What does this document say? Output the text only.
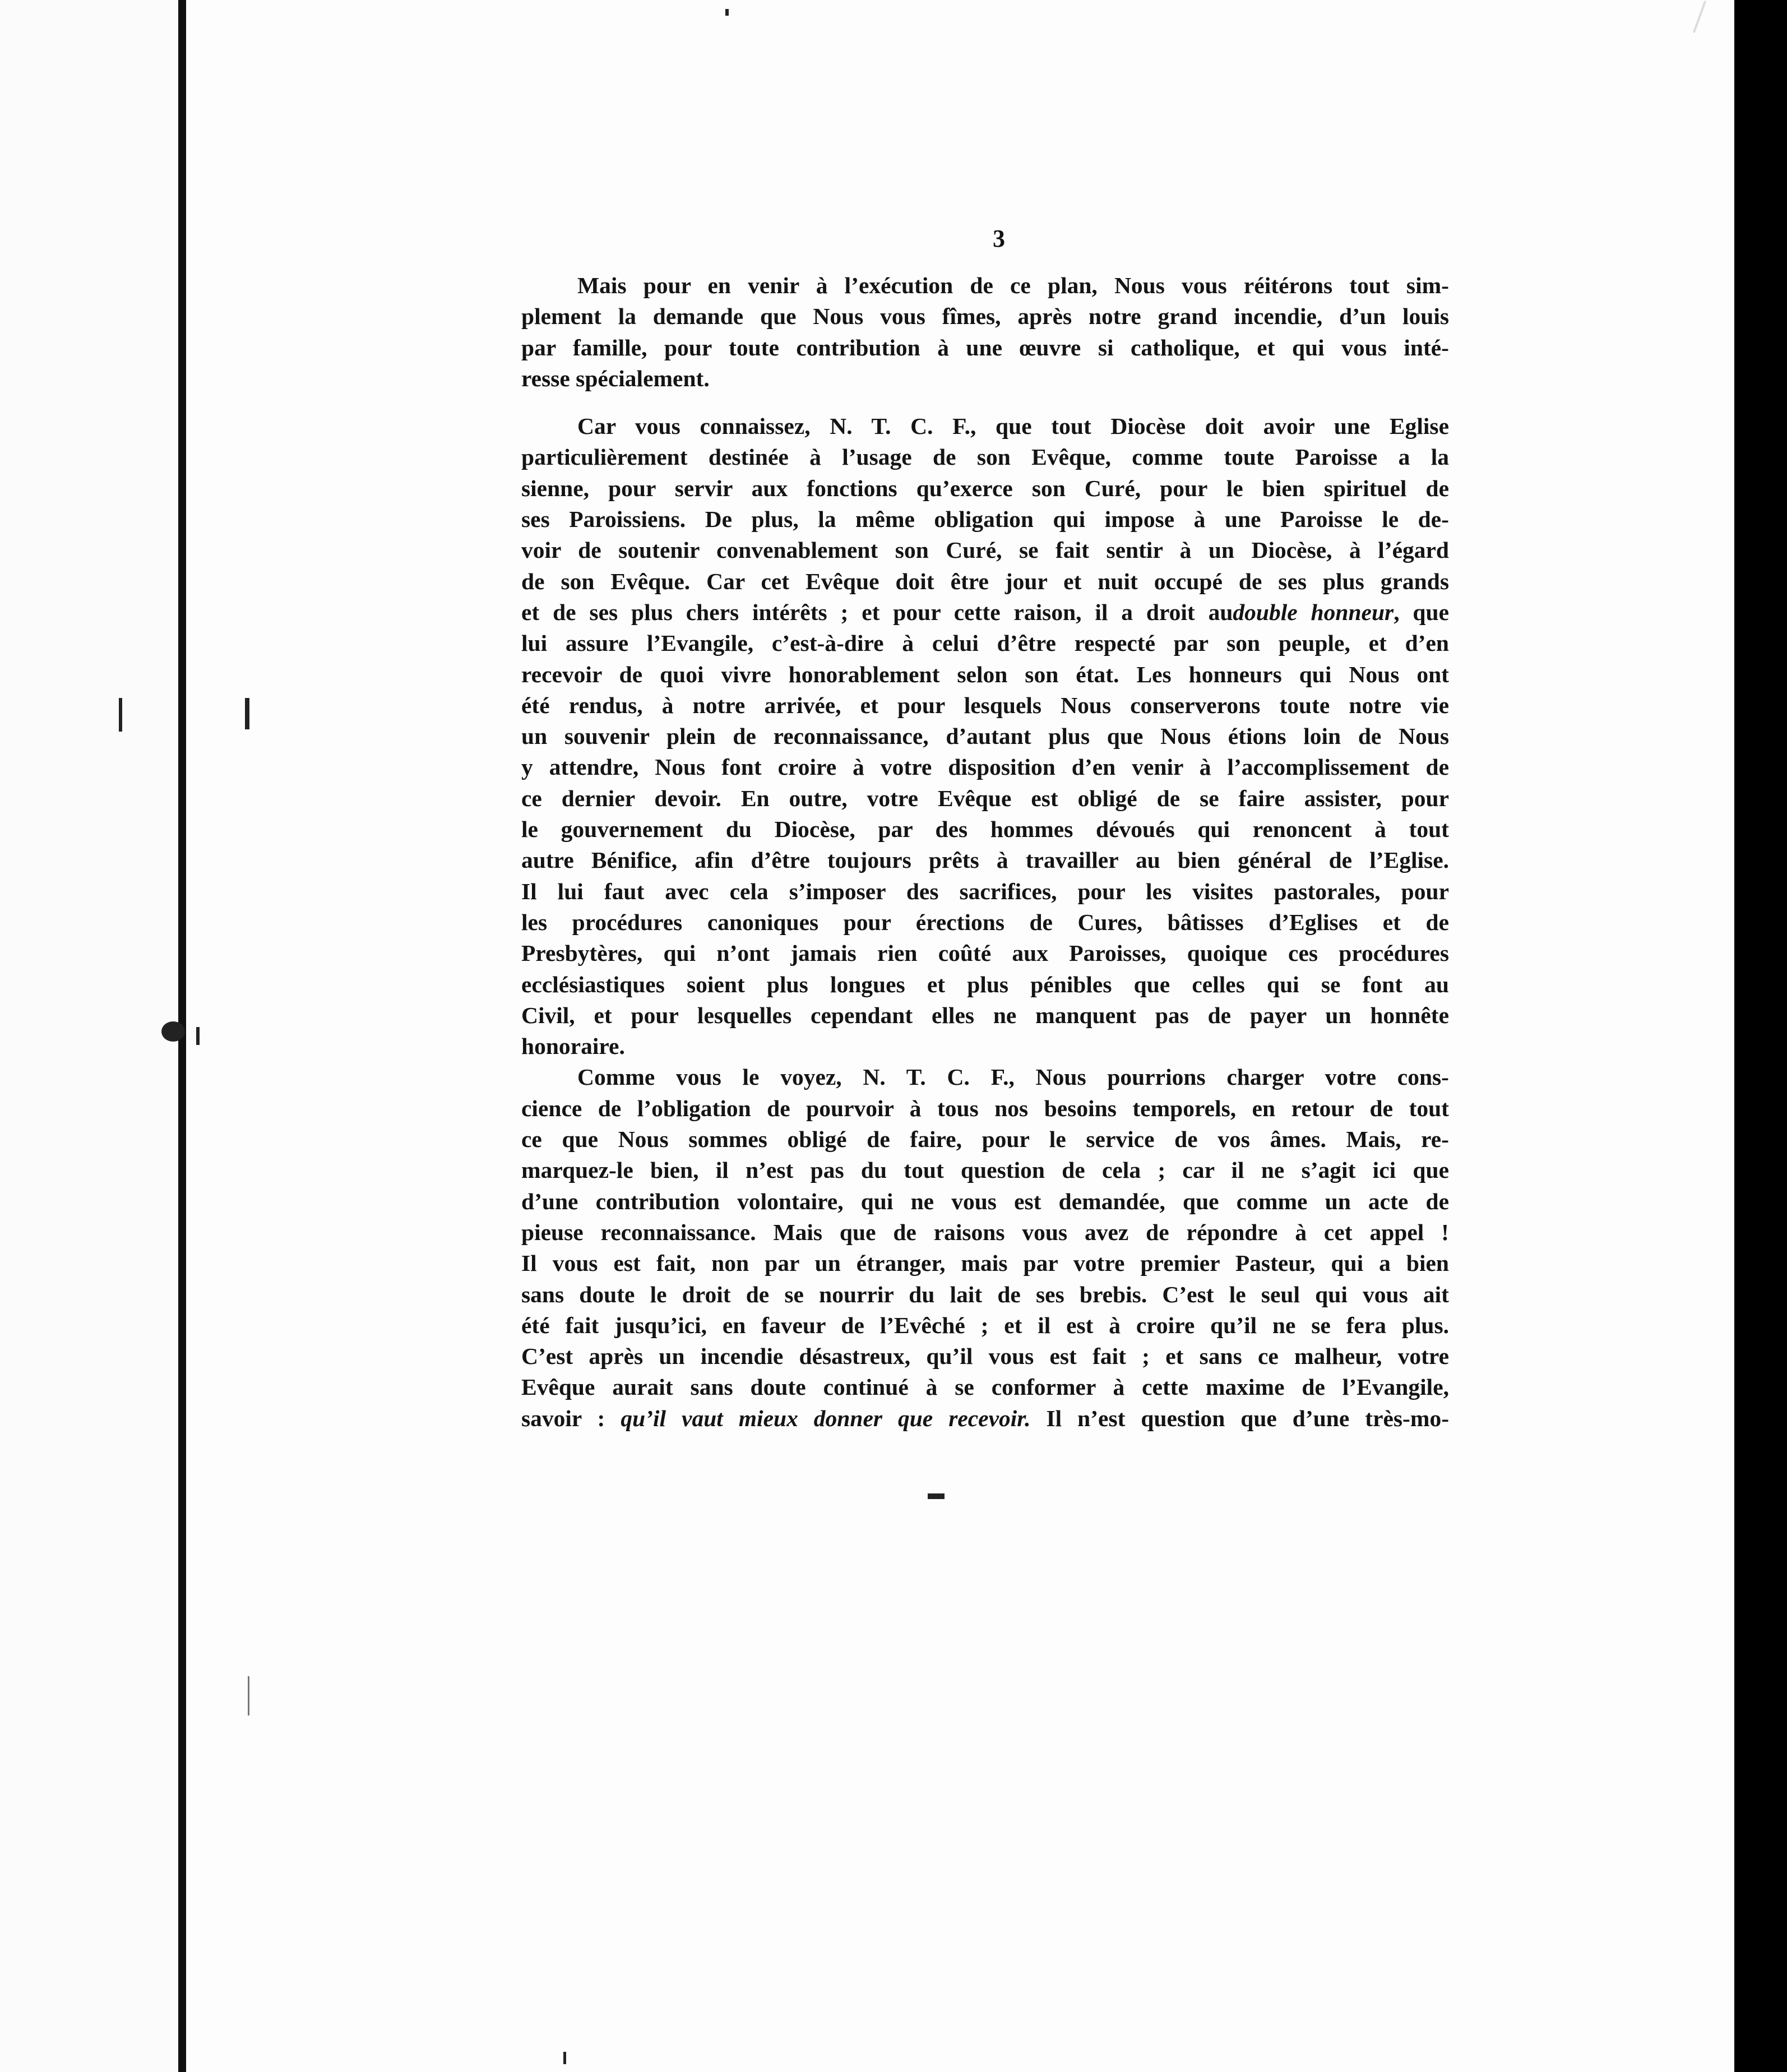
3
Mais pour en venir à l’exécution de ce plan, Nous vous réitérons tout sim-
plement la demande que Nous vous fîmes, après notre grand incendie, d’un louis
par famille, pour toute contribution à une œuvre si catholique, et qui vous inté-
resse spécialement.
Car vous connaissez, N. T. C. F., que tout Diocèse doit avoir une Eglise
particulièrement destinée à l’usage de son Evêque, comme toute Paroisse a la
sienne, pour servir aux fonctions qu’exerce son Curé, pour le bien spirituel de
ses Paroissiens. De plus, la même obligation qui impose à une Paroisse le de-
voir de soutenir convenablement son Curé, se fait sentir à un Diocèse, à l’égard
de son Evêque. Car cet Evêque doit être jour et nuit occupé de ses plus grands
et de ses plus chers intérêts ; et pour cette raison, il a droit audouble honneur, que
lui assure l’Evangile, c’est-à-dire à celui d’être respecté par son peuple, et d’en
recevoir de quoi vivre honorablement selon son état. Les honneurs qui Nous ont
été rendus, à notre arrivée, et pour lesquels Nous conserverons toute notre vie
un souvenir plein de reconnaissance, d’autant plus que Nous étions loin de Nous
y attendre, Nous font croire à votre disposition d’en venir à l’accomplissement de
ce dernier devoir. En outre, votre Evêque est obligé de se faire assister, pour
le gouvernement du Diocèse, par des hommes dévoués qui renoncent à tout
autre Bénifice, afin d’être toujours prêts à travailler au bien général de l’Eglise.
Il lui faut avec cela s’imposer des sacrifices, pour les visites pastorales, pour
les procédures canoniques pour érections de Cures, bâtisses d’Eglises et de
Presbytères, qui n’ont jamais rien coûté aux Paroisses, quoique ces procédures
ecclésiastiques soient plus longues et plus pénibles que celles qui se font au
Civil, et pour lesquelles cependant elles ne manquent pas de payer un honnête
honoraire.
Comme vous le voyez, N. T. C. F., Nous pourrions charger votre cons-
cience de l’obligation de pourvoir à tous nos besoins temporels, en retour de tout
ce que Nous sommes obligé de faire, pour le service de vos âmes. Mais, re-
marquez-le bien, il n’est pas du tout question de cela ; car il ne s’agit ici que
d’une contribution volontaire, qui ne vous est demandée, que comme un acte de
pieuse reconnaissance. Mais que de raisons vous avez de répondre à cet appel !
Il vous est fait, non par un étranger, mais par votre premier Pasteur, qui a bien
sans doute le droit de se nourrir du lait de ses brebis. C’est le seul qui vous ait
été fait jusqu’ici, en faveur de l’Evêché ; et il est à croire qu’il ne se fera plus.
C’est après un incendie désastreux, qu’il vous est fait ; et sans ce malheur, votre
Evêque aurait sans doute continué à se conformer à cette maxime de l’Evangile,
savoir : qu’il vaut mieux donner que recevoir. Il n’est question que d’une très-mo-
